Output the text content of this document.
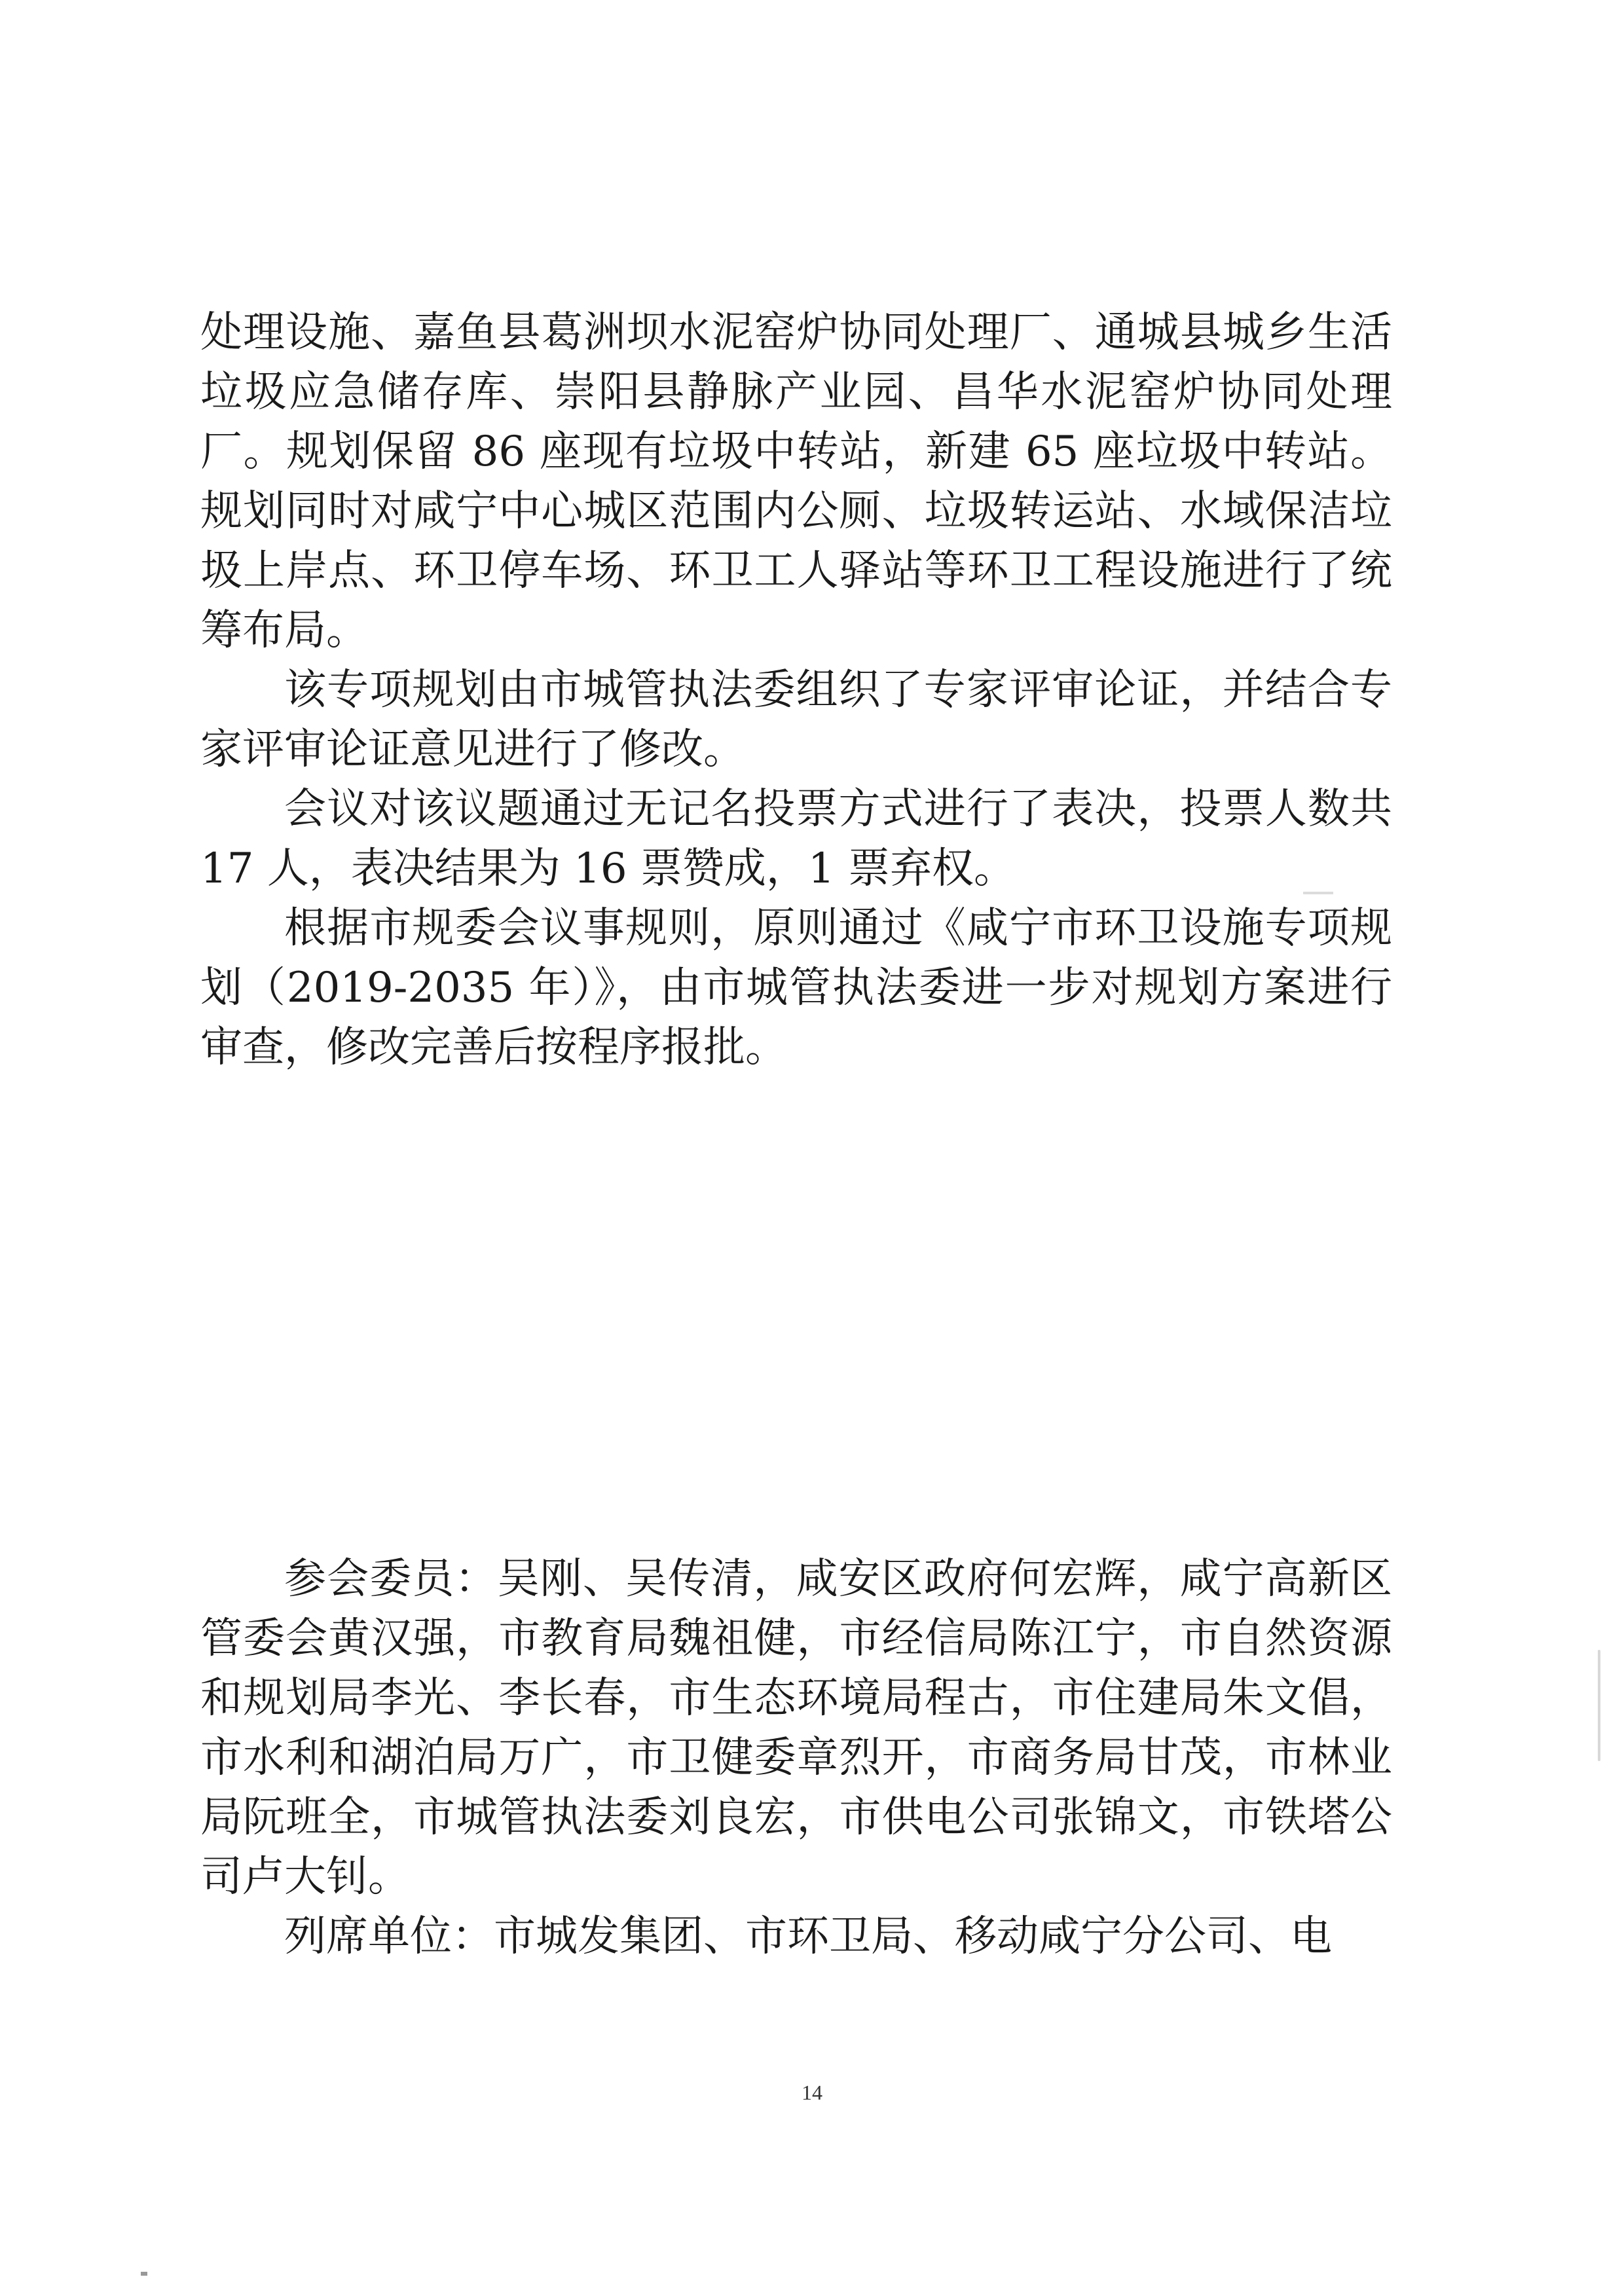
处理设施、嘉鱼县葛洲坝水泥窑炉协同处理厂、通城县城乡生活垃圾应急储存库、崇阳县静脉产业园、昌华水泥窑炉协同处理厂。规划保留 86 座现有垃圾中转站，新建 65 座垃圾中转站。规划同时对咸宁中心城区范围内公厕、垃圾转运站、水域保洁垃圾上岸点、环卫停车场、环卫工人驿站等环卫工程设施进行了统筹布局。

该专项规划由市城管执法委组织了专家评审论证，并结合专家评审论证意见进行了修改。

会议对该议题通过无记名投票方式进行了表决，投票人数共 17 人，表决结果为 16 票赞成，1 票弃权。

根据市规委会议事规则，原则通过《咸宁市环卫设施专项规划（2019-2035 年）》，由市城管执法委进一步对规划方案进行审查，修改完善后按程序报批。

参会委员：吴刚、吴传清，咸安区政府何宏辉，咸宁高新区管委会黄汉强，市教育局魏祖健，市经信局陈江宁，市自然资源和规划局李光、李长春，市生态环境局程古，市住建局朱文倡，市水利和湖泊局万广，市卫健委章烈开，市商务局甘茂，市林业局阮班全，市城管执法委刘良宏，市供电公司张锦文，市铁塔公司卢大钊。

列席单位：市城发集团、市环卫局、移动咸宁分公司、电

14
